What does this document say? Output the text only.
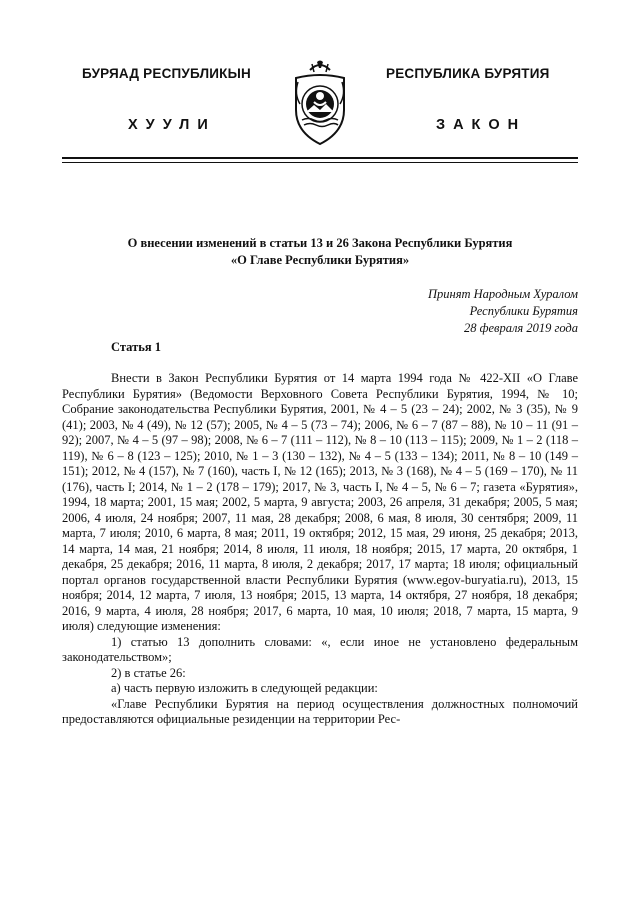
БУРЯАД РЕСПУБЛИКЫН	РЕСПУБЛИКА БУРЯТИЯ
ХУУЛИ	ЗАКОН
О внесении изменений в статьи 13 и 26 Закона Республики Бурятия
«О Главе Республики Бурятия»
Принят Народным Хуралом
Республики Бурятия
28 февраля 2019 года
Статья 1

Внести в Закон Республики Бурятия от 14 марта 1994 года № 422-XII «О Главе Республики Бурятия» (Ведомости Верховного Совета Республики Бурятия, 1994, № 10; Собрание законодательства Республики Бурятия, 2001, № 4 – 5 (23 – 24); 2002, № 3 (35), № 9 (41); 2003, № 4 (49), № 12 (57); 2005, № 4 – 5 (73 – 74); 2006, № 6 – 7 (87 – 88), № 10 – 11 (91 – 92); 2007, № 4 – 5 (97 – 98); 2008, № 6 – 7 (111 – 112), № 8 – 10 (113 – 115); 2009, № 1 – 2 (118 – 119), № 6 – 8 (123 – 125); 2010, № 1 – 3 (130 – 132), № 4 – 5 (133 – 134); 2011, № 8 – 10 (149 – 151); 2012, № 4 (157), № 7 (160), часть I, № 12 (165); 2013, № 3 (168), № 4 – 5 (169 – 170), № 11 (176), часть I; 2014, № 1 – 2 (178 – 179); 2017, № 3, часть I, № 4 – 5, № 6 – 7; газета «Бурятия», 1994, 18 марта; 2001, 15 мая; 2002, 5 марта, 9 августа; 2003, 26 апреля, 31 декабря; 2005, 5 мая; 2006, 4 июля, 24 ноября; 2007, 11 мая, 28 декабря; 2008, 6 мая, 8 июля, 30 сентября; 2009, 11 марта, 7 июля; 2010, 6 марта, 8 мая; 2011, 19 октября; 2012, 15 мая, 29 июня, 25 декабря; 2013, 14 марта, 14 мая, 21 ноября; 2014, 8 июля, 11 июля, 18 ноября; 2015, 17 марта, 20 октября, 1 декабря, 25 декабря; 2016, 11 марта, 8 июля, 2 декабря; 2017, 17 марта; 18 июля; официальный портал органов государственной власти Республики Бурятия (www.egov-buryatia.ru), 2013, 15 ноября; 2014, 12 марта, 7 июля, 13 ноября; 2015, 13 марта, 14 октября, 27 ноября, 18 декабря; 2016, 9 марта, 4 июля, 28 ноября; 2017, 6 марта, 10 мая, 10 июля; 2018, 7 марта, 15 марта, 9 июля) следующие изменения:

1) статью 13 дополнить словами: «, если иное не установлено федеральным законодательством»;

2) в статье 26:

а) часть первую изложить в следующей редакции:

«Главе Республики Бурятия на период осуществления должностных полномочий предоставляются официальные резиденции на территории Рес-
